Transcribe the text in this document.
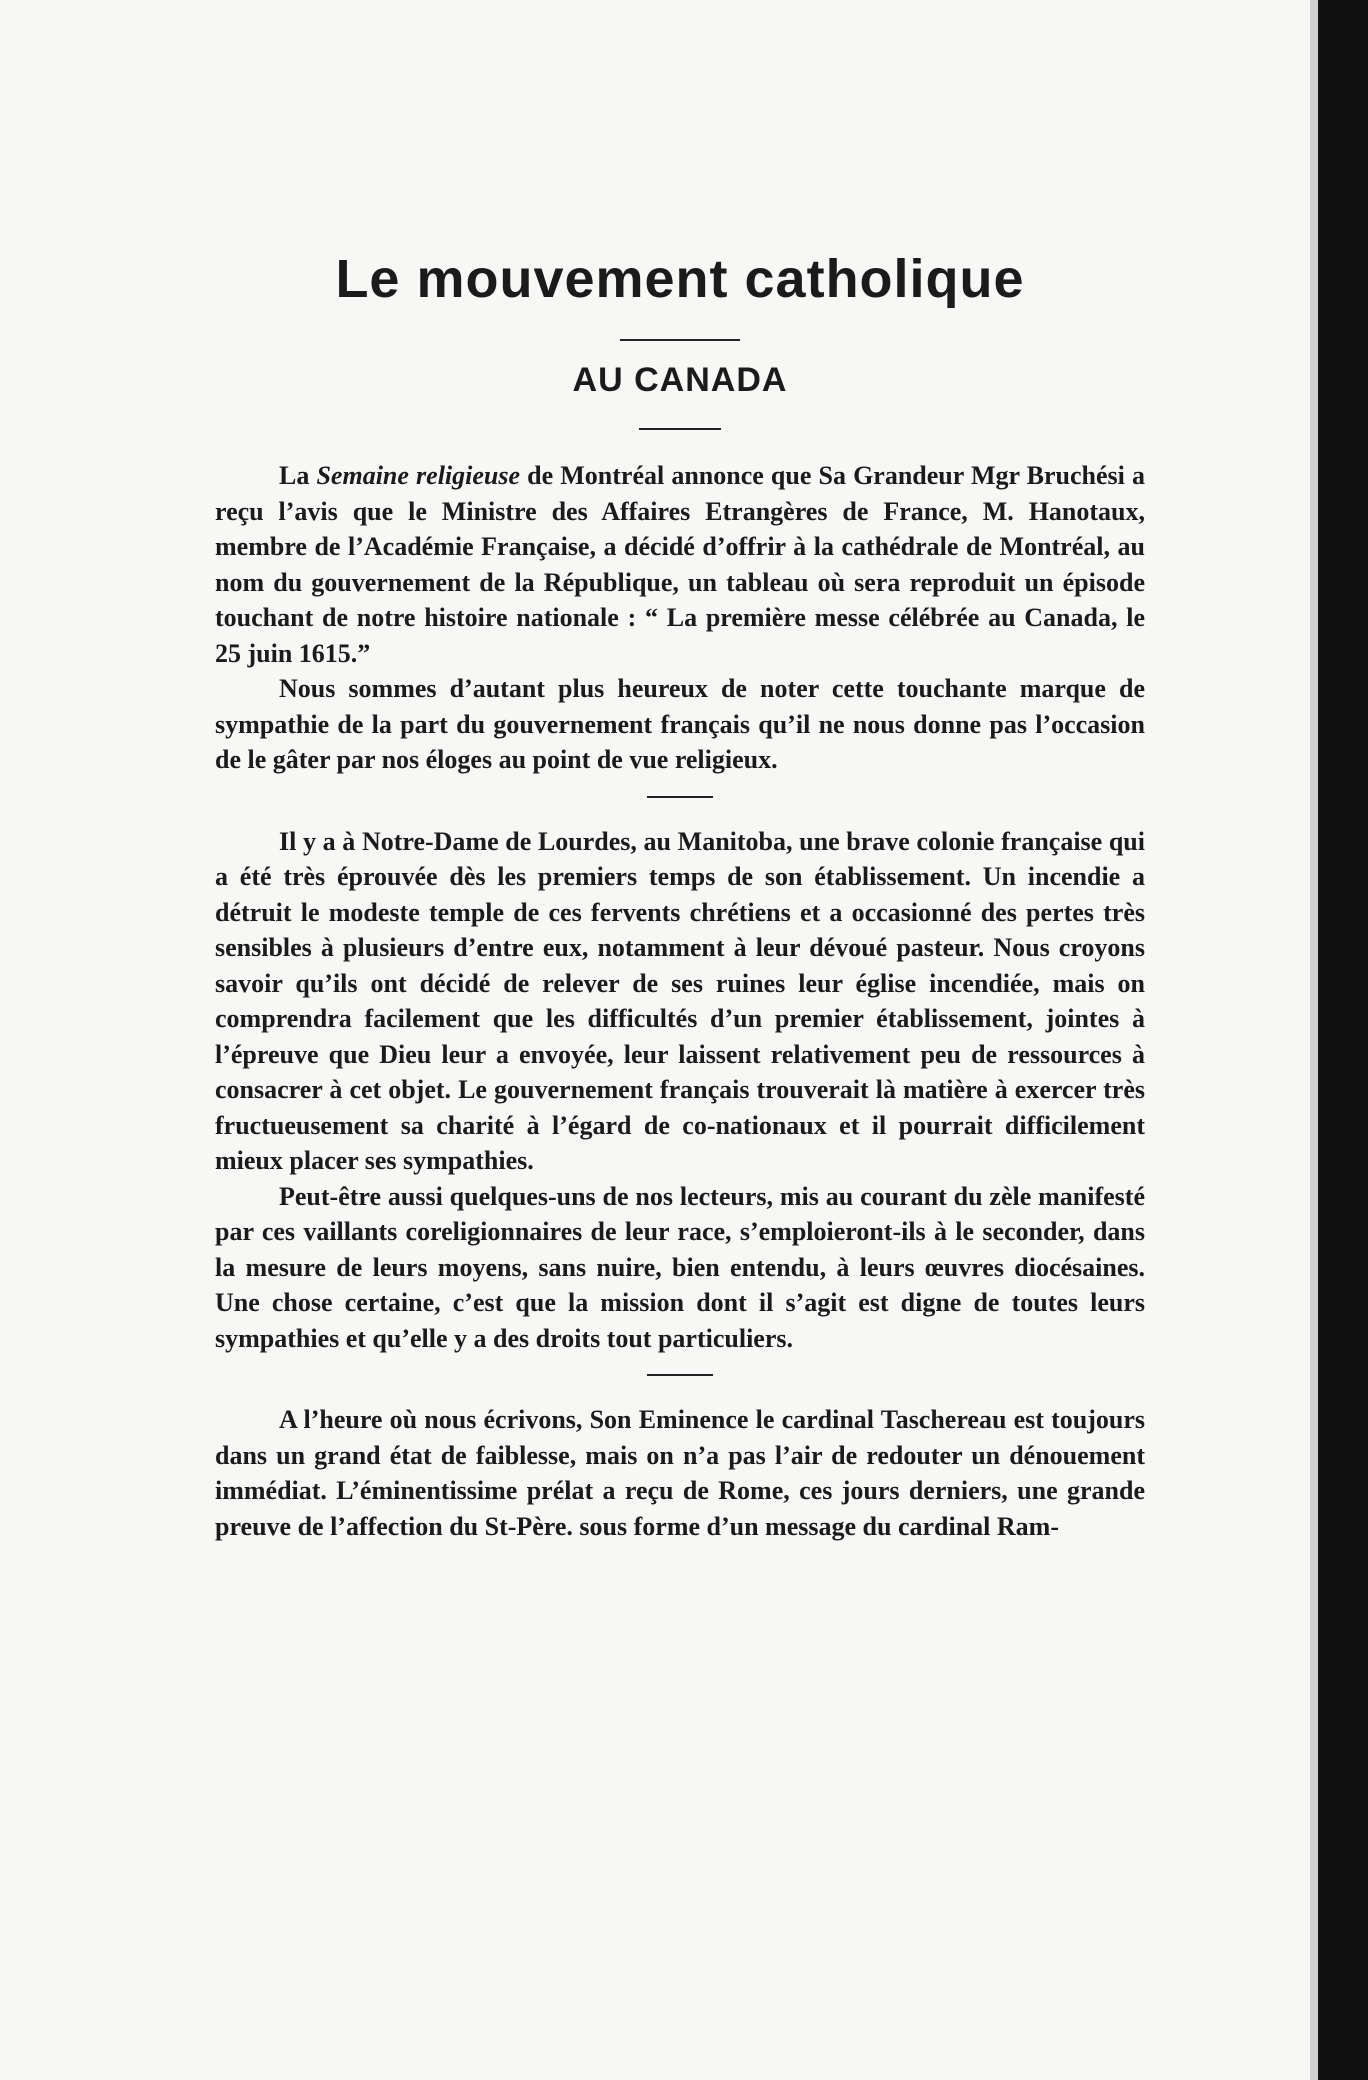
Le mouvement catholique
AU CANADA

La Semaine religieuse de Montréal annonce que Sa Grandeur Mgr Bruchési a reçu l’avis que le Ministre des Affaires Etrangères de France, M. Hanotaux, membre de l’Académie Française, a décidé d’offrir à la cathédrale de Montréal, au nom du gouvernement de la République, un tableau où sera reproduit un épisode touchant de notre histoire nationale : “ La première messe célébrée au Canada, le 25 juin 1615.”

Nous sommes d’autant plus heureux de noter cette touchante marque de sympathie de la part du gouvernement français qu’il ne nous donne pas l’occasion de le gâter par nos éloges au point de vue religieux.

Il y a à Notre-Dame de Lourdes, au Manitoba, une brave colonie française qui a été très éprouvée dès les premiers temps de son établissement. Un incendie a détruit le modeste temple de ces fervents chrétiens et a occasionné des pertes très sensibles à plusieurs d’entre eux, notamment à leur dévoué pasteur. Nous croyons savoir qu’ils ont décidé de relever de ses ruines leur église incendiée, mais on comprendra facilement que les difficultés d’un premier établissement, jointes à l’épreuve que Dieu leur a envoyée, leur laissent relativement peu de ressources à consacrer à cet objet. Le gouvernement français trouverait là matière à exercer très fructueusement sa charité à l’égard de co-nationaux et il pourrait difficilement mieux placer ses sympathies.

Peut-être aussi quelques-uns de nos lecteurs, mis au courant du zèle manifesté par ces vaillants coreligionnaires de leur race, s’emploieront-ils à le seconder, dans la mesure de leurs moyens, sans nuire, bien entendu, à leurs œuvres diocésaines. Une chose certaine, c’est que la mission dont il s’agit est digne de toutes leurs sympathies et qu’elle y a des droits tout particuliers.

A l’heure où nous écrivons, Son Eminence le cardinal Taschereau est toujours dans un grand état de faiblesse, mais on n’a pas l’air de redouter un dénouement immédiat. L’éminentissime prélat a reçu de Rome, ces jours derniers, une grande preuve de l’affection du St-Père. sous forme d’un message du cardinal Ram-
